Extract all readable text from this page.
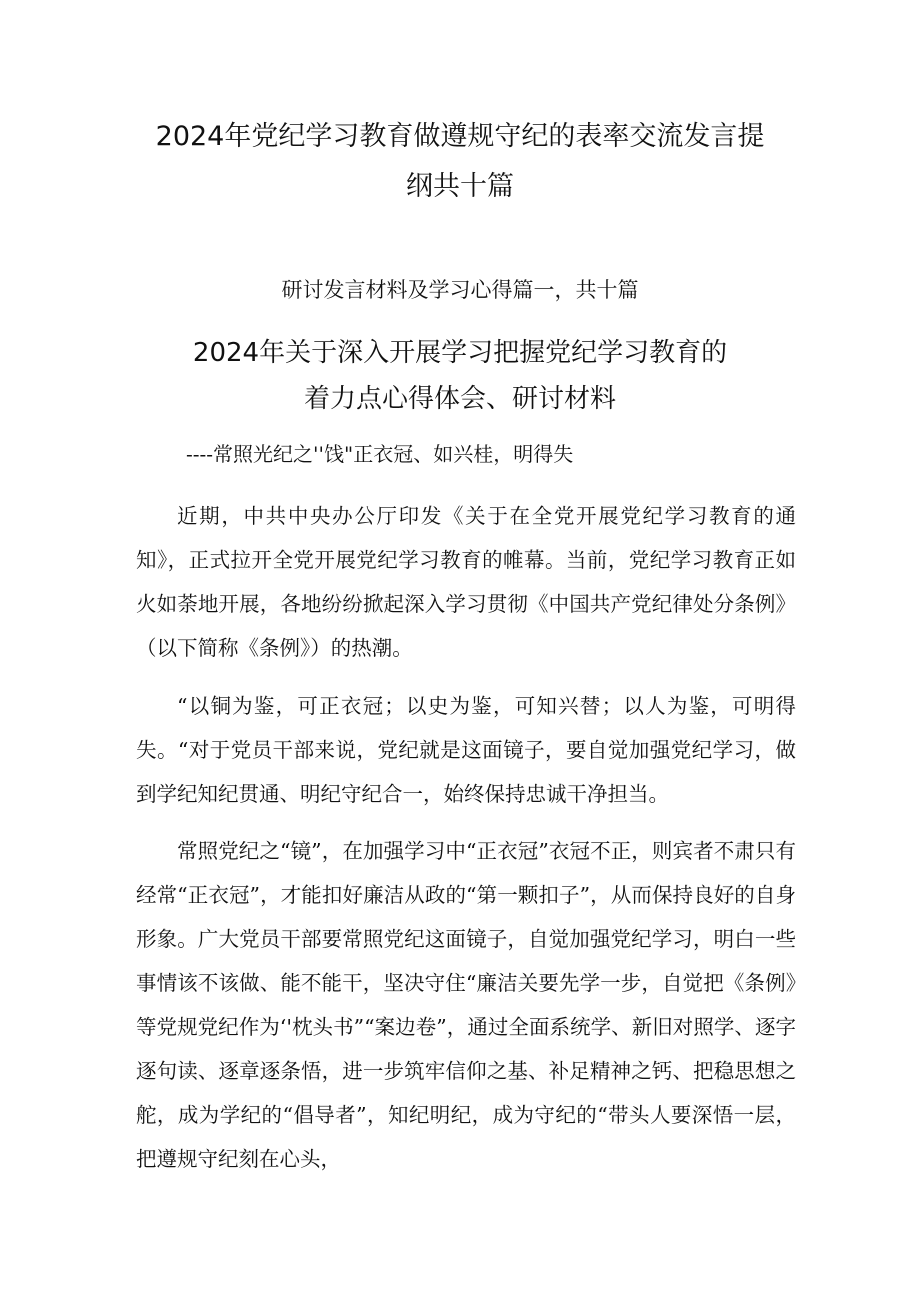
2024年党纪学习教育做遵规守纪的表率交流发言提
纲共十篇
研讨发言材料及学习心得篇一，共十篇
2024年关于深入开展学习把握党纪学习教育的
着力点心得体会、研讨材料
----常照光纪之''饯"正衣冠、如兴桂，明得失

近期，中共中央办公厅印发《关于在全党开展党纪学习教育的通知》，正式拉开全党开展党纪学习教育的帷幕。当前，党纪学习教育正如火如荼地开展，各地纷纷掀起深入学习贯彻《中国共产党纪律处分条例》（以下简称《条例》）的热潮。

“以铜为鉴，可正衣冠；以史为鉴，可知兴替；以人为鉴，可明得失。“对于党员干部来说，党纪就是这面镜子，要自觉加强党纪学习，做到学纪知纪贯通、明纪守纪合一，始终保持忠诚干净担当。

常照党纪之“镜”，在加强学习中“正衣冠”衣冠不正，则宾者不肃只有经常“正衣冠”，才能扣好廉洁从政的“第一颗扣子”，从而保持良好的自身形象。广大党员干部要常照党纪这面镜子，自觉加强党纪学习，明白一些事情该不该做、能不能干，坚决守住“廉洁关要先学一步，自觉把《条例》等党规党纪作为‘'枕头书”“案边卷”，通过全面系统学、新旧对照学、逐字逐句读、逐章逐条悟，进一步筑牢信仰之基、补足精神之钙、把稳思想之舵，成为学纪的“倡导者”，知纪明纪，成为守纪的“带头人要深悟一层，把遵规守纪刻在心头，
